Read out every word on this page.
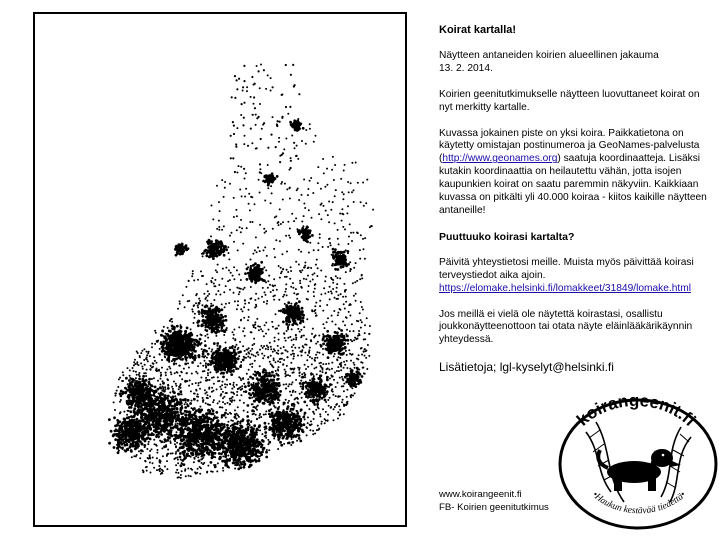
Koirat kartalla!

Näytteen antaneiden koirien alueellinen jakauma
13. 2. 2014.

Koirien geenitutkimukselle näytteen luovuttaneet koirat on nyt merkitty kartalle.

Kuvassa jokainen piste on yksi koira. Paikkatietona on käytetty omistajan postinumeroa ja GeoNames-palvelusta (http://www.geonames.org) saatuja koordinaatteja. Lisäksi kutakin koordinaattia on heilautettu vähän, jotta isojen kaupunkien koirat on saatu paremmin näkyviin. Kaikkiaan kuvassa on pitkälti yli 40.000 koiraa - kiitos kaikille näytteen antaneille!

Puuttuuko koirasi kartalta?

Päivitä yhteystietosi meille. Muista myös päivittää koirasi terveystiedot aika ajoin.
https://elomake.helsinki.fi/lomakkeet/31849/lomake.html

Jos meillä ei vielä ole näytettä koirastasi, osallistu joukkonäytteenottoon tai otata näyte eläinlääkärikäynnin yhteydessä.

Lisätietoja; lgl-kyselyt@helsinki.fi

www.koirangeenit.fi
FB- Koirien geenitutkimus
koirangeenit.fi
•Haukun kestävää tiedettä•
